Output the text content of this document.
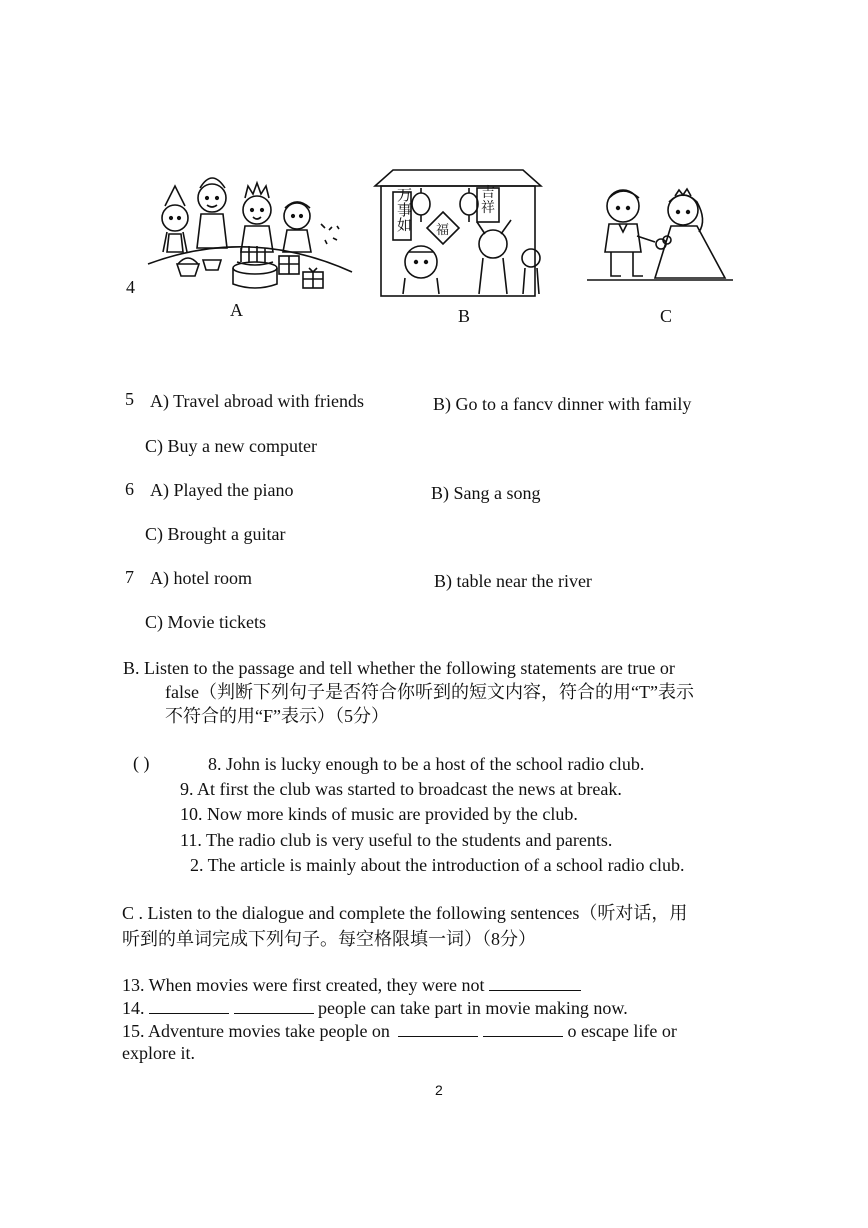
4
A
万
事
如
吉
祥
福
B	C
5 A) Travel abroad with friends	B) Go to a fancv dinner with family
C) Buy a new computer
6 A) Played the piano	B) Sang a song
C) Brought a guitar
7 A) hotel room	B) table near the river
C) Movie tickets
B. Listen to the passage and tell whether the following statements are true or
false（判断下列句子是否符合你听到的短文内容，符合的用“T”表示
不符合的用“F”表示）（5分）
( )	8. John is lucky enough to be a host of the school radio club.
9. At first the club was started to broadcast the news at break.
10. Now more kinds of music are provided by the club.
11. The radio club is very useful to the students and parents.
2. The article is mainly about the introduction of a school radio club.
C . Listen to the dialogue and complete the following sentences（听对话，用
听到的单词完成下列句子。每空格限填一词）（8分）
13. When movies were first created, they were not
14.	people can take part in movie making now.
15. Adventure movies take people on	o escape life or
explore it.
2
